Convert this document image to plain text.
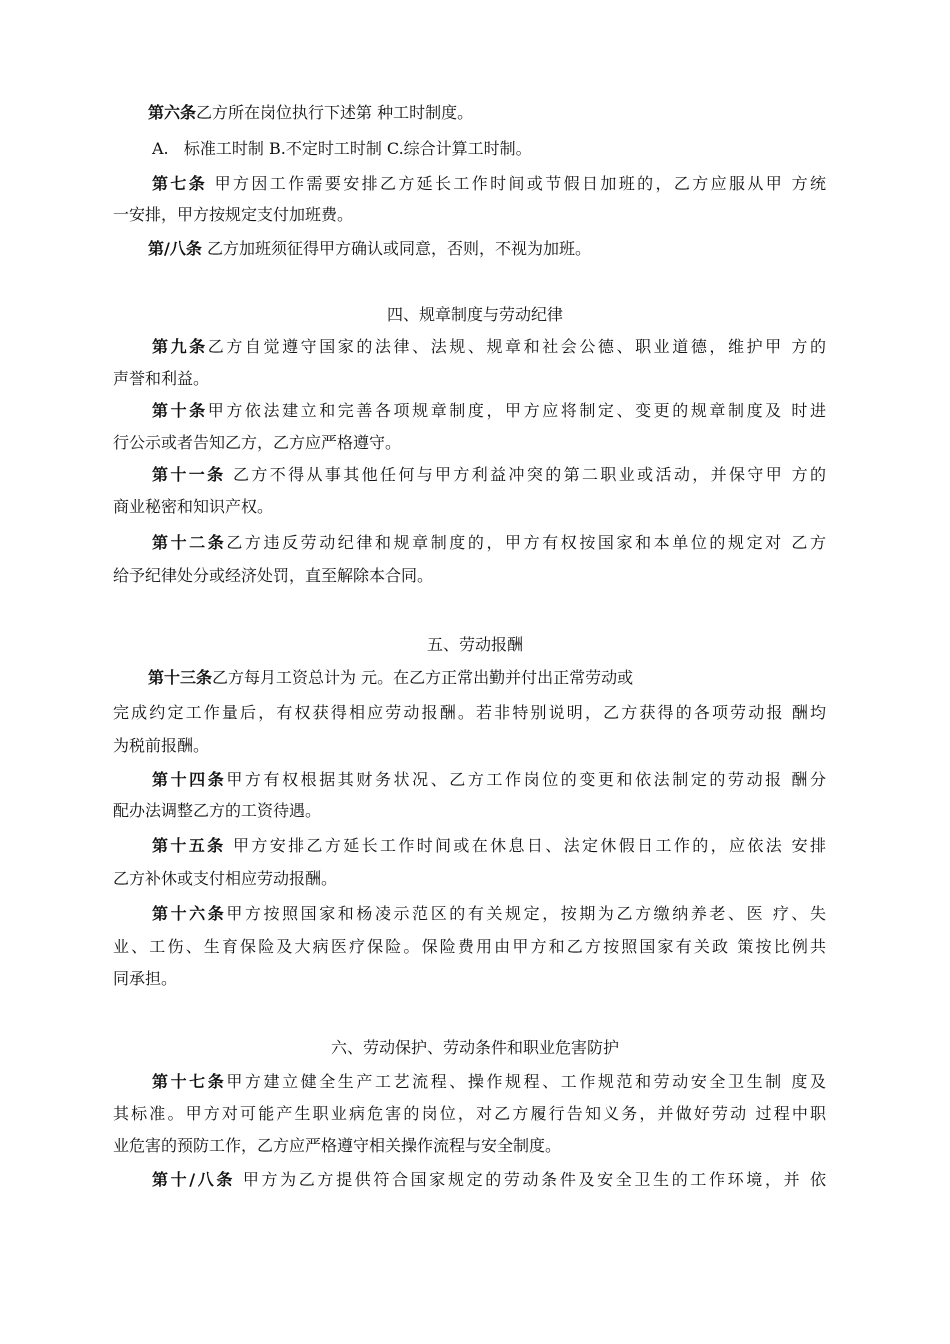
第六条乙方所在岗位执行下述第 种工时制度。
A.   标准工时制 B.不定时工时制 C.综合计算工时制。
第七条 甲方因工作需要安排乙方延长工作时间或节假日加班的，乙方应服从甲 方统
一安排，甲方按规定支付加班费。
第/八条 乙方加班须征得甲方确认或同意，否则，不视为加班。
四、规章制度与劳动纪律
第九条乙方自觉遵守国家的法律、法规、规章和社会公德、职业道德，维护甲 方的
声誉和利益。
第十条甲方依法建立和完善各项规章制度，甲方应将制定、变更的规章制度及 时进
行公示或者告知乙方，乙方应严格遵守。
第十一条 乙方不得从事其他任何与甲方利益冲突的第二职业或活动，并保守甲 方的
商业秘密和知识产权。
第十二条乙方违反劳动纪律和规章制度的，甲方有权按国家和本单位的规定对 乙方
给予纪律处分或经济处罚，直至解除本合同。
五、劳动报酬
第十三条乙方每月工资总计为 元。在乙方正常出勤并付出正常劳动或
完成约定工作量后，有权获得相应劳动报酬。若非特别说明，乙方获得的各项劳动报 酬均
为税前报酬。
第十四条甲方有权根据其财务状况、乙方工作岗位的变更和依法制定的劳动报 酬分
配办法调整乙方的工资待遇。
第十五条 甲方安排乙方延长工作时间或在休息日、法定休假日工作的，应依法 安排
乙方补休或支付相应劳动报酬。
第十六条甲方按照国家和杨凌示范区的有关规定，按期为乙方缴纳养老、医 疗、失
业、工伤、生育保险及大病医疗保险。保险费用由甲方和乙方按照国家有关政 策按比例共
同承担。
六、劳动保护、劳动条件和职业危害防护
第十七条甲方建立健全生产工艺流程、操作规程、工作规范和劳动安全卫生制 度及
其标准。甲方对可能产生职业病危害的岗位，对乙方履行告知义务，并做好劳动 过程中职
业危害的预防工作，乙方应严格遵守相关操作流程与安全制度。
第十/八条 甲方为乙方提供符合国家规定的劳动条件及安全卫生的工作环境，并 依
